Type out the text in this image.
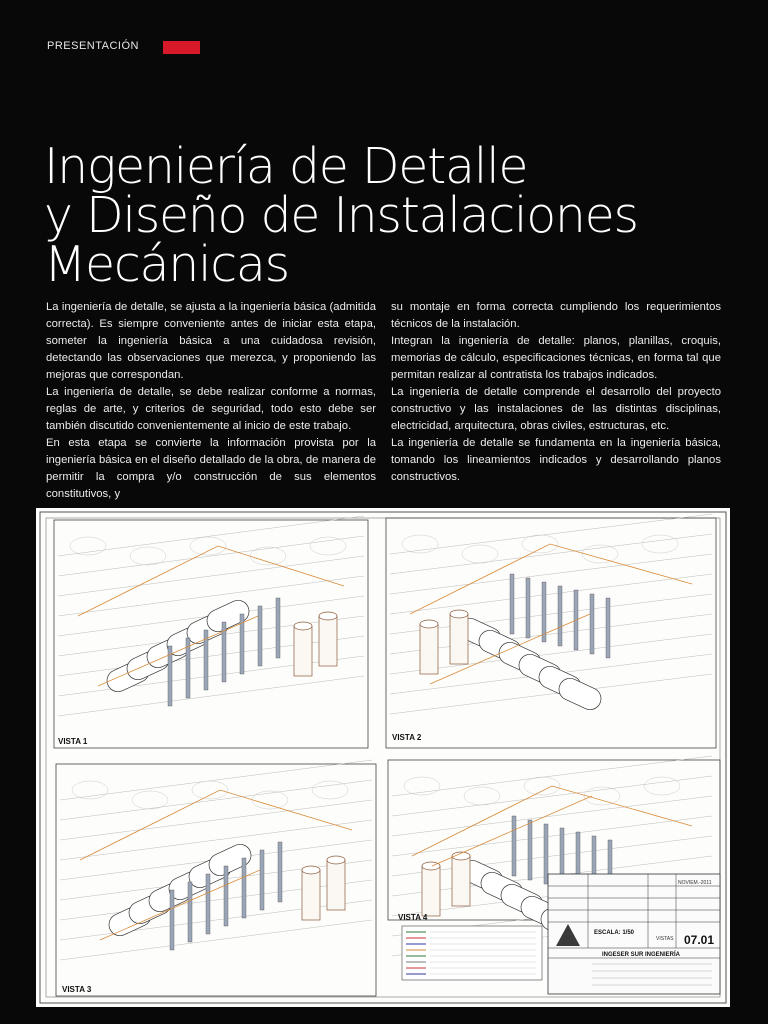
PRESENTACIÓN
Ingeniería de Detalle
y Diseño de Instalaciones
Mecánicas

La ingeniería de detalle, se ajusta a la ingeniería básica (admitida correcta). Es siempre conveniente antes de iniciar esta etapa, someter la ingeniería básica a una cuidadosa revisión, detectando las observaciones que merezca, y proponiendo las mejoras que correspondan.

La ingeniería de detalle, se debe realizar conforme a normas, reglas de arte, y criterios de seguridad, todo esto debe ser también discutido convenientemente al inicio de este trabajo.

En esta etapa se convierte la información provista por la ingeniería básica en el diseño detallado de la obra, de manera de permitir la compra y/o construcción de sus elementos constitutivos, y

su montaje en forma correcta cumpliendo los requerimientos técnicos de la instalación.

Integran la ingeniería de detalle: planos, planillas, croquis, memorias de cálculo, especificaciones técnicas, en forma tal que permitan realizar al contratista los trabajos indicados.

La ingeniería de detalle comprende el desarrollo del proyecto constructivo y las instalaciones de las distintas disciplinas, electricidad, arquitectura, obras civiles, estructuras, etc.

La ingeniería de detalle se fundamenta en la ingeniería básica, tomando los lineamientos indicados y desarrollando planos constructivos.

VISTA 1	VISTA 2
VISTA 3
VISTA 4
NOVIEM.-2011
ESCALA: 1/50
VISTAS 07.01
INGESER SUR INGENIERÍA
